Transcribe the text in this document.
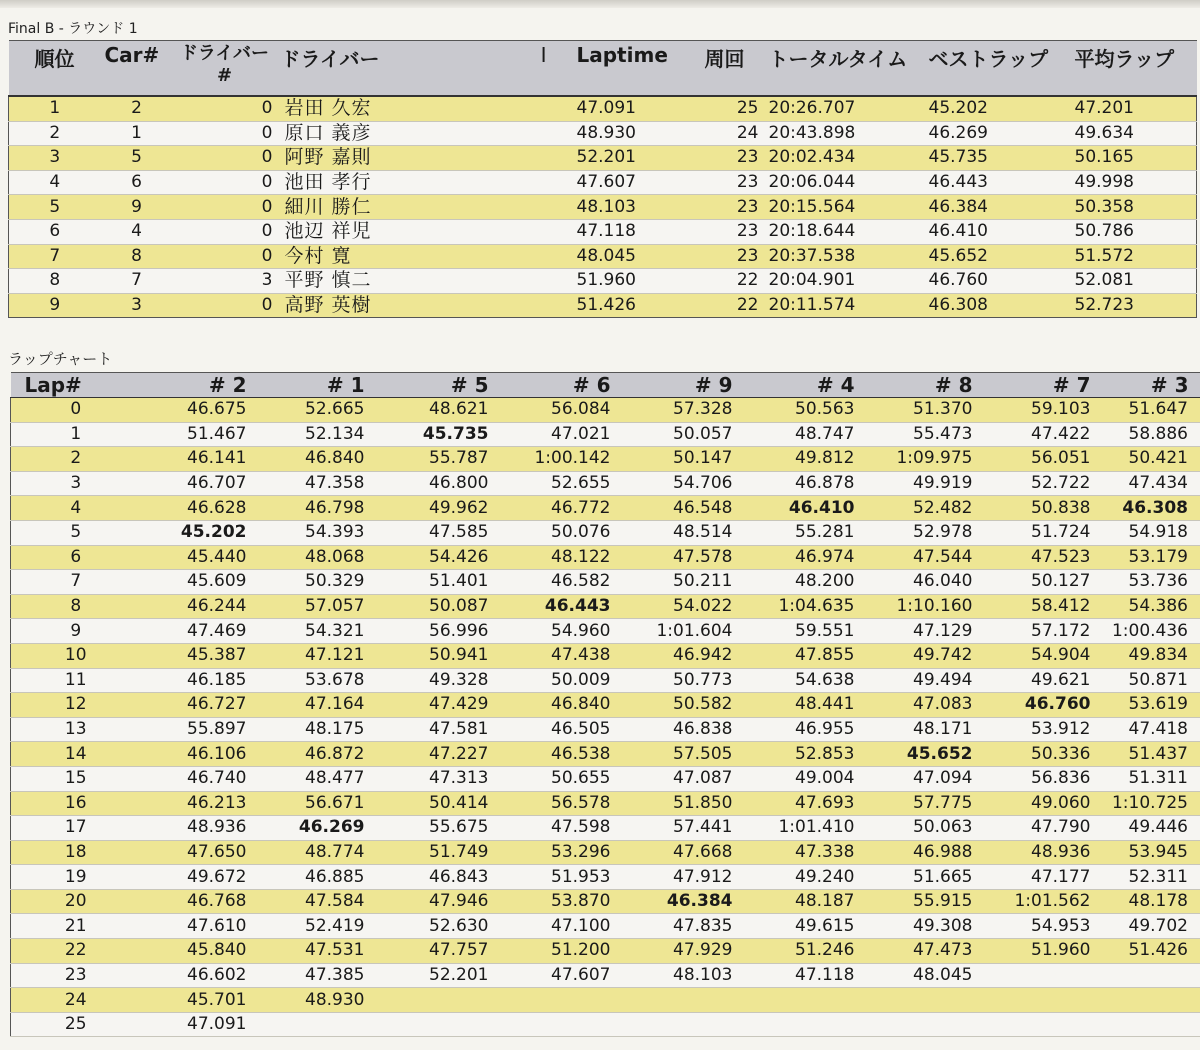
Final B - ラウンド 1
順位	Car#	ドライバー
#	ドライバー	I	Laptime	周回	トータルタイム	ベストラップ	平均ラップ
1	2	0	岩田 久宏		47.091	25	20:26.707	45.202	47.201
2	1	0	原口 義彦		48.930	24	20:43.898	46.269	49.634
3	5	0	阿野 嘉則		52.201	23	20:02.434	45.735	50.165
4	6	0	池田 孝行		47.607	23	20:06.044	46.443	49.998
5	9	0	細川 勝仁		48.103	23	20:15.564	46.384	50.358
6	4	0	池辺 祥児		47.118	23	20:18.644	46.410	50.786
7	8	0	今村 寛		48.045	23	20:37.538	45.652	51.572
8	7	3	平野 慎二		51.960	22	20:04.901	46.760	52.081
9	3	0	高野 英樹		51.426	22	20:11.574	46.308	52.723
ラップチャート
Lap#	# 2	# 1	# 5	# 6	# 9	# 4	# 8	# 7	# 3
0	46.675	52.665	48.621	56.084	57.328	50.563	51.370	59.103	51.647
1	51.467	52.134	45.735	47.021	50.057	48.747	55.473	47.422	58.886
2	46.141	46.840	55.787	1:00.142	50.147	49.812	1:09.975	56.051	50.421
3	46.707	47.358	46.800	52.655	54.706	46.878	49.919	52.722	47.434
4	46.628	46.798	49.962	46.772	46.548	46.410	52.482	50.838	46.308
5	45.202	54.393	47.585	50.076	48.514	55.281	52.978	51.724	54.918
6	45.440	48.068	54.426	48.122	47.578	46.974	47.544	47.523	53.179
7	45.609	50.329	51.401	46.582	50.211	48.200	46.040	50.127	53.736
8	46.244	57.057	50.087	46.443	54.022	1:04.635	1:10.160	58.412	54.386
9	47.469	54.321	56.996	54.960	1:01.604	59.551	47.129	57.172	1:00.436
10	45.387	47.121	50.941	47.438	46.942	47.855	49.742	54.904	49.834
11	46.185	53.678	49.328	50.009	50.773	54.638	49.494	49.621	50.871
12	46.727	47.164	47.429	46.840	50.582	48.441	47.083	46.760	53.619
13	55.897	48.175	47.581	46.505	46.838	46.955	48.171	53.912	47.418
14	46.106	46.872	47.227	46.538	57.505	52.853	45.652	50.336	51.437
15	46.740	48.477	47.313	50.655	47.087	49.004	47.094	56.836	51.311
16	46.213	56.671	50.414	56.578	51.850	47.693	57.775	49.060	1:10.725
17	48.936	46.269	55.675	47.598	57.441	1:01.410	50.063	47.790	49.446
18	47.650	48.774	51.749	53.296	47.668	47.338	46.988	48.936	53.945
19	49.672	46.885	46.843	51.953	47.912	49.240	51.665	47.177	52.311
20	46.768	47.584	47.946	53.870	46.384	48.187	55.915	1:01.562	48.178
21	47.610	52.419	52.630	47.100	47.835	49.615	49.308	54.953	49.702
22	45.840	47.531	47.757	51.200	47.929	51.246	47.473	51.960	51.426
23	46.602	47.385	52.201	47.607	48.103	47.118	48.045		
24	45.701	48.930							
25	47.091								
